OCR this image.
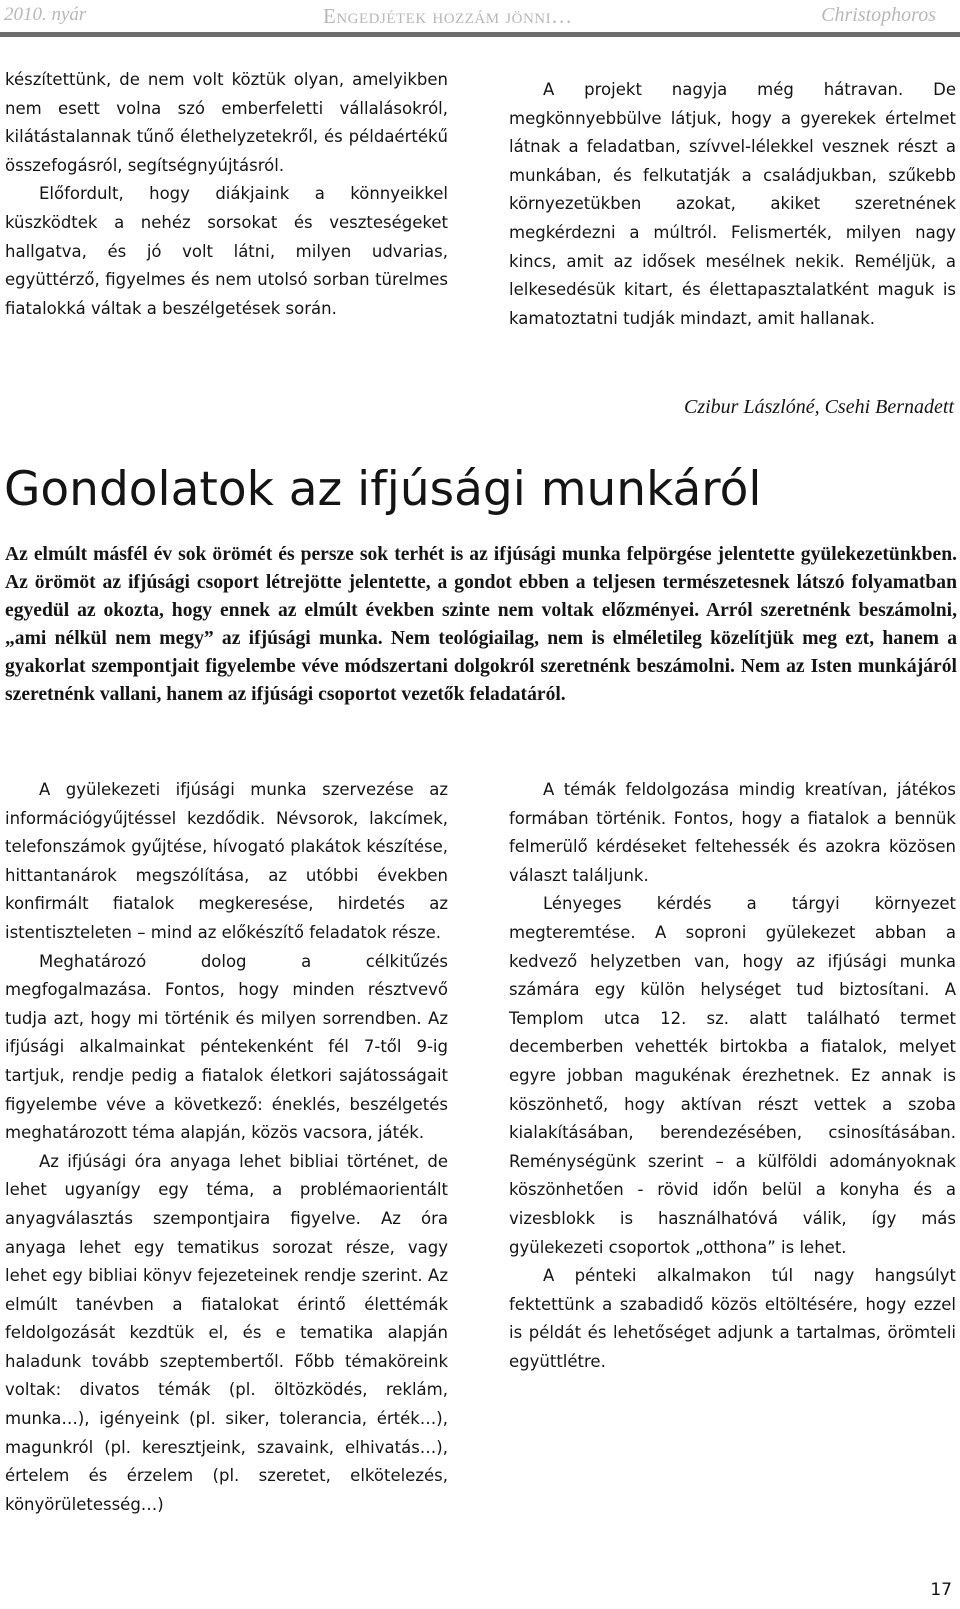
2010. nyár	Engedjétek hozzám jönni…	Christophoros

készítettünk, de nem volt köztük olyan, amelyikben nem esett volna szó emberfeletti vállalásokról, kilátástalannak tűnő élethelyzetekről, és példaértékű összefogásról, segítségnyújtásról.

Előfordult, hogy diákjaink a könnyeikkel küszködtek a nehéz sorsokat és veszteségeket hallgatva, és jó volt látni, milyen udvarias, együttérző, figyelmes és nem utolsó sorban türelmes fiatalokká váltak a beszélgetések során.

A projekt nagyja még hátravan. De megkönnyebbülve látjuk, hogy a gyerekek értelmet látnak a feladatban, szívvel-lélekkel vesznek részt a munkában, és felkutatják a családjukban, szűkebb környezetükben azokat, akiket szeretnének megkérdezni a múltról. Felismerték, milyen nagy kincs, amit az idősek mesélnek nekik. Reméljük, a lelkesedésük kitart, és élettapasztalatként maguk is kamatoztatni tudják mindazt, amit hallanak.

Czibur Lászlóné, Csehi Bernadett
Gondolatok az ifjúsági munkáról
Az elmúlt másfél év sok örömét és persze sok terhét is az ifjúsági munka felpörgése jelentette gyülekezetünkben. Az örömöt az ifjúsági csoport létrejötte jelentette, a gondot ebben a teljesen természetesnek látszó folyamatban egyedül az okozta, hogy ennek az elmúlt években szinte nem voltak előzményei. Arról szeretnénk beszámolni, „ami nélkül nem megy” az ifjúsági munka. Nem teológiailag, nem is elméletileg közelítjük meg ezt, hanem a gyakorlat szempontjait figyelembe véve módszertani dolgokról szeretnénk beszámolni. Nem az Isten munkájáról szeretnénk vallani, hanem az ifjúsági csoportot vezetők feladatáról.

A gyülekezeti ifjúsági munka szervezése az információgyűjtéssel kezdődik. Névsorok, lakcímek, telefonszámok gyűjtése, hívogató plakátok készítése, hittantanárok megszólítása, az utóbbi években konfirmált fiatalok megkeresése, hirdetés az istentiszteleten – mind az előkészítő feladatok része.

Meghatározó dolog a célkitűzés megfogalmazása. Fontos, hogy minden résztvevő tudja azt, hogy mi történik és milyen sorrendben. Az ifjúsági alkalmainkat péntekenként fél 7-től 9-ig tartjuk, rendje pedig a fiatalok életkori sajátosságait figyelembe véve a következő: éneklés, beszélgetés meghatározott téma alapján, közös vacsora, játék.

Az ifjúsági óra anyaga lehet bibliai történet, de lehet ugyanígy egy téma, a problémaorientált anyagválasztás szempontjaira figyelve. Az óra anyaga lehet egy tematikus sorozat része, vagy lehet egy bibliai könyv fejezeteinek rendje szerint. Az elmúlt tanévben a fiatalokat érintő élettémák feldolgozását kezdtük el, és e tematika alapján haladunk tovább szeptembertől. Főbb témaköreink voltak: divatos témák (pl. öltözködés, reklám, munka…), igényeink (pl. siker, tolerancia, érték…), magunkról (pl. keresztjeink, szavaink, elhivatás…), értelem és érzelem (pl. szeretet, elkötelezés, könyörületesség…)

A témák feldolgozása mindig kreatívan, játékos formában történik. Fontos, hogy a fiatalok a bennük felmerülő kérdéseket feltehessék és azokra közösen választ találjunk.

Lényeges kérdés a tárgyi környezet megteremtése. A soproni gyülekezet abban a kedvező helyzetben van, hogy az ifjúsági munka számára egy külön helységet tud biztosítani. A Templom utca 12. sz. alatt található termet decemberben vehették birtokba a fiatalok, melyet egyre jobban magukénak érezhetnek. Ez annak is köszönhető, hogy aktívan részt vettek a szoba kialakításában, berendezésében, csinosításában. Reménységünk szerint – a külföldi adományoknak köszönhetően - rövid időn belül a konyha és a vizesblokk is használhatóvá válik, így más gyülekezeti csoportok „otthona” is lehet.

A pénteki alkalmakon túl nagy hangsúlyt fektettünk a szabadidő közös eltöltésére, hogy ezzel is példát és lehetőséget adjunk a tartalmas, örömteli együttlétre.

17
